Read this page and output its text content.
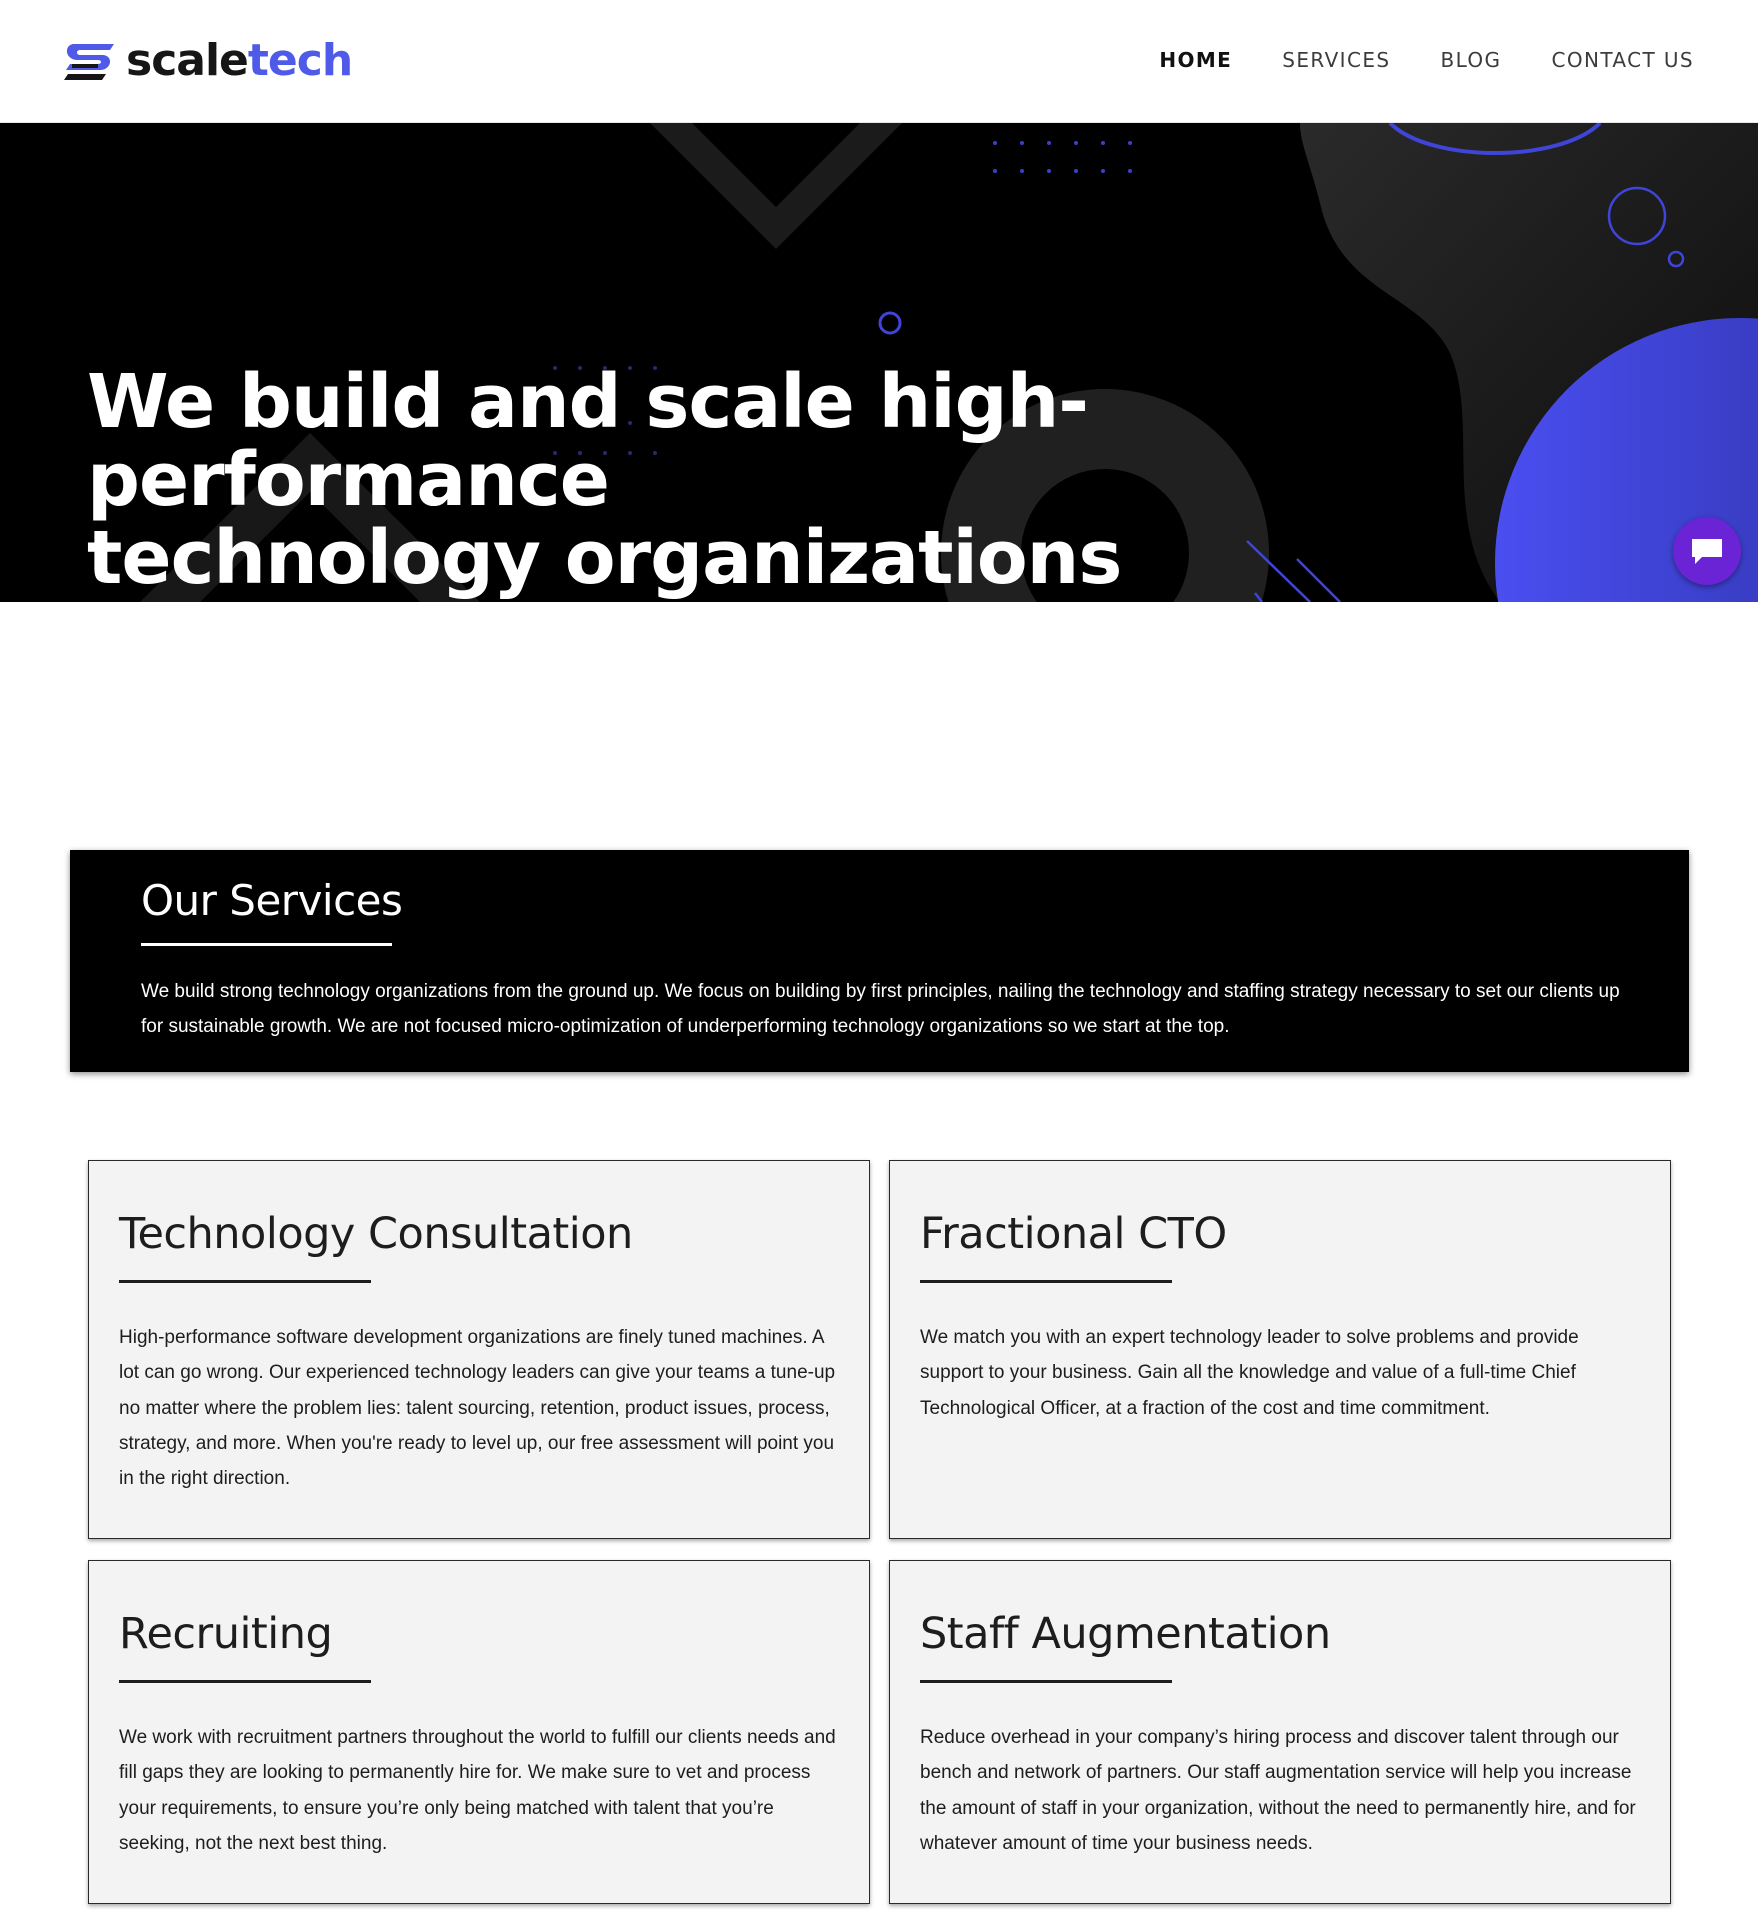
scaletech	HOME	SERVICES	BLOG	CONTACT US
We build and scale high-performance
technology organizations
Our Services

We build strong technology organizations from the ground up. We focus on building by first principles, nailing the technology and staffing strategy necessary to set our clients up for sustainable growth. We are not focused micro-optimization of underperforming technology organizations so we start at the top.

Technology Consultation

High-performance software development organizations are finely tuned machines. A lot can go wrong. Our experienced technology leaders can give your teams a tune-up no matter where the problem lies: talent sourcing, retention, product issues, process, strategy, and more. When you're ready to level up, our free assessment will point you in the right direction.

Fractional CTO

We match you with an expert technology leader to solve problems and provide support to your business. Gain all the knowledge and value of a full-time Chief Technological Officer, at a fraction of the cost and time commitment.

Recruiting

We work with recruitment partners throughout the world to fulfill our clients needs and fill gaps they are looking to permanently hire for. We make sure to vet and process your requirements, to ensure you’re only being matched with talent that you’re seeking, not the next best thing.

Staff Augmentation

Reduce overhead in your company’s hiring process and discover talent through our bench and network of partners. Our staff augmentation service will help you increase the amount of staff in your organization, without the need to permanently hire, and for whatever amount of time your business needs.
